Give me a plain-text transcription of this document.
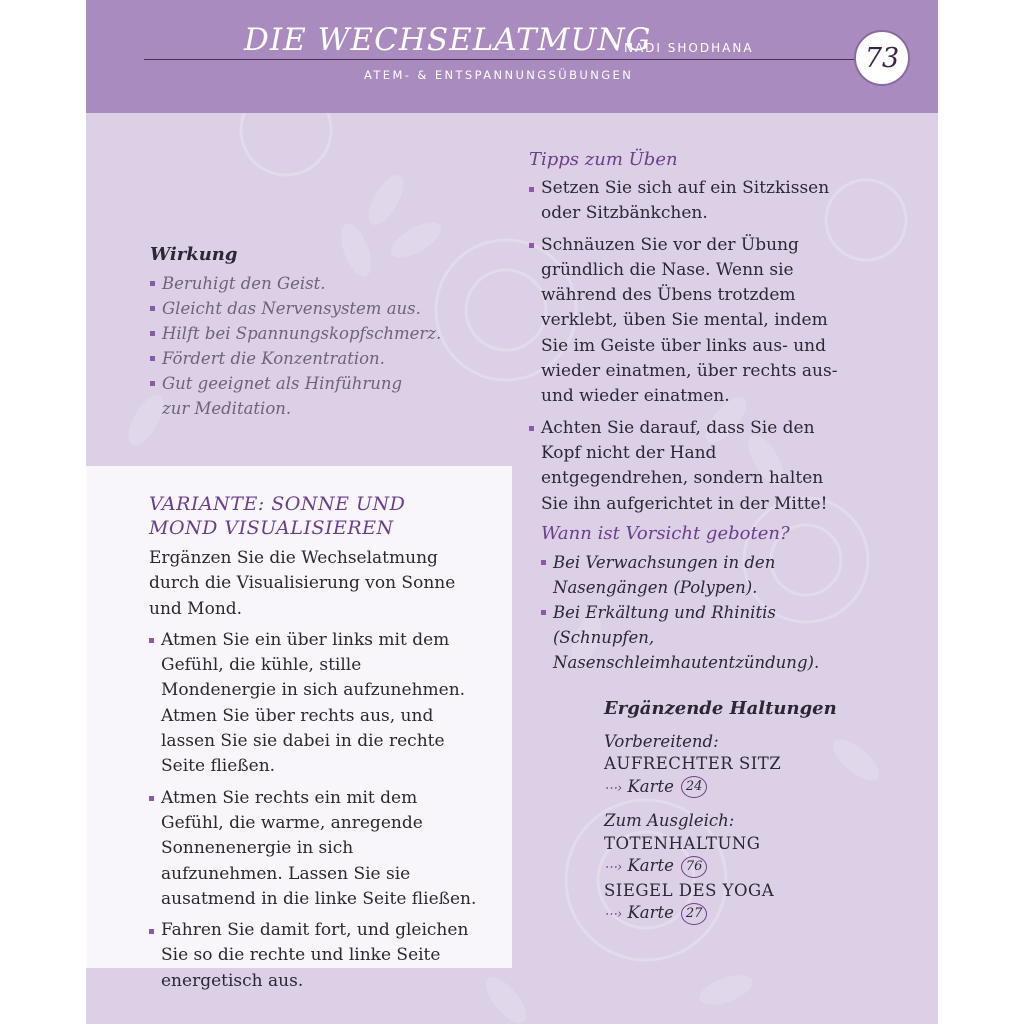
DIE WECHSELATMUNG
NADI SHODHANA
ATEM- & ENTSPANNUNGSÜBUNGEN
73
Wirkung
Beruhigt den Geist.
Gleicht das Nervensystem aus.
Hilft bei Spannungskopfschmerz.
Fördert die Konzentration.
Gut geeignet als Hinführung zur Meditation.
Tipps zum Üben
Setzen Sie sich auf ein Sitzkissen oder Sitzbänkchen.
Schnäuzen Sie vor der Übung gründlich die Nase. Wenn sie während des Übens trotzdem verklebt, üben Sie mental, indem Sie im Geiste über links aus- und wieder einatmen, über rechts aus- und wieder einatmen.
Achten Sie darauf, dass Sie den Kopf nicht der Hand entgegendrehen, sondern halten Sie ihn aufgerichtet in der Mitte!
Wann ist Vorsicht geboten?
Bei Verwachsungen in den Nasengängen (Polypen).
Bei Erkältung und Rhinitis (Schnupfen, Nasenschleimhautentzündung).
VARIANTE: SONNE UND MOND VISUALISIEREN
Ergänzen Sie die Wechselatmung durch die Visualisierung von Sonne und Mond.
Atmen Sie ein über links mit dem Gefühl, die kühle, stille Mondenergie in sich aufzunehmen. Atmen Sie über rechts aus, und lassen Sie sie dabei in die rechte Seite fließen.
Atmen Sie rechts ein mit dem Gefühl, die warme, anregende Sonnenenergie in sich aufzunehmen. Lassen Sie sie ausatmend in die linke Seite fließen.
Fahren Sie damit fort, und gleichen Sie so die rechte und linke Seite energetisch aus.
Ergänzende Haltungen
Vorbereitend:
AUFRECHTER SITZ
⋯› Karte 24
Zum Ausgleich:
TOTENHALTUNG
⋯› Karte 76
SIEGEL DES YOGA
⋯› Karte 27
